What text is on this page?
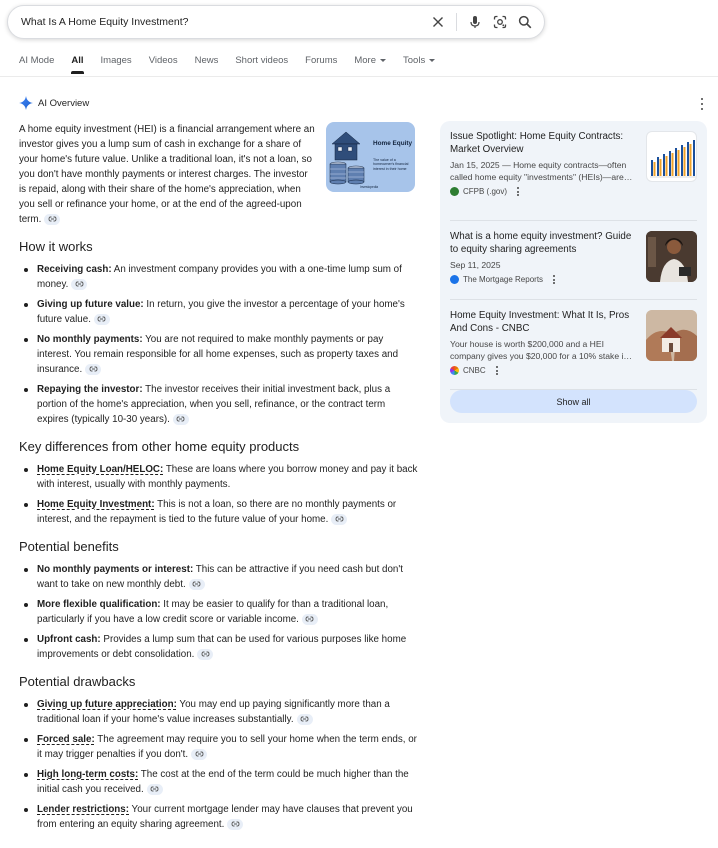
What Is A Home Equity Investment?
AI Mode All Images Videos News Short videos Forums More	Tools
AI Overview

A home equity investment (HEI) is a financial arrangement where an investor gives you a lump sum of cash in exchange for a share of your home's future value. Unlike a traditional loan, it's not a loan, so you don't have monthly payments or interest charges. The investor is repaid, along with their share of the home's appreciation, when you sell or refinance your home, or at the end of the agreed-upon term.

Home Equity
The value of a homeowner's financial interest in their home
Investopedia
How it works
Receiving cash: An investment company provides you with a one-time lump sum of money.
Giving up future value: In return, you give the investor a percentage of your home's future value.
No monthly payments: You are not required to make monthly payments or pay interest. You remain responsible for all home expenses, such as property taxes and insurance.
Repaying the investor: The investor receives their initial investment back, plus a portion of the home's appreciation, when you sell, refinance, or the contract term expires (typically 10-30 years).
Key differences from other home equity products
Home Equity Loan/HELOC: These are loans where you borrow money and pay it back with interest, usually with monthly payments.
Home Equity Investment: This is not a loan, so there are no monthly payments or interest, and the repayment is tied to the future value of your home.
Potential benefits
No monthly payments or interest: This can be attractive if you need cash but don't want to take on new monthly debt.
More flexible qualification: It may be easier to qualify for than a traditional loan, particularly if you have a low credit score or variable income.
Upfront cash: Provides a lump sum that can be used for various purposes like home improvements or debt consolidation.
Potential drawbacks
Giving up future appreciation: You may end up paying significantly more than a traditional loan if your home's value increases substantially.
Forced sale: The agreement may require you to sell your home when the term ends, or it may trigger penalties if you don't.
High long-term costs: The cost at the end of the term could be much higher than the initial cash you received.
Lender restrictions: Your current mortgage lender may have clauses that prevent you from entering an equity sharing agreement.
Issue Spotlight: Home Equity Contracts: Market Overview
Jan 15, 2025 — Home equity contracts—often called home equity "investments" (HEIs)—are…
CFPB (.gov)
What is a home equity investment? Guide to equity sharing agreements
Sep 11, 2025
The Mortgage Reports
Home Equity Investment: What It Is, Pros And Cons - CNBC
Your house is worth $200,000 and a HEI company gives you $20,000 for a 10% stake i…
CNBC
Show all
